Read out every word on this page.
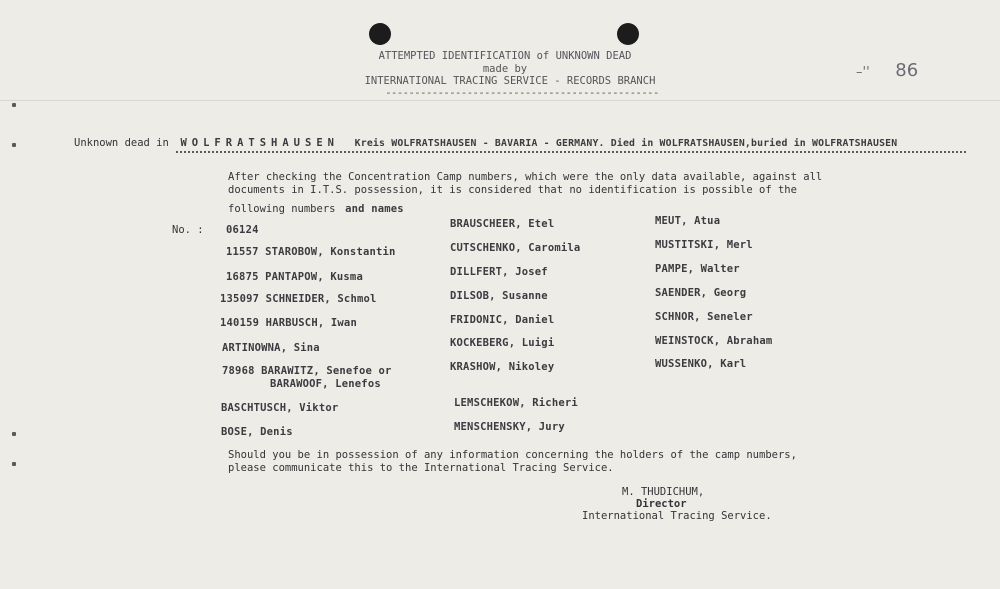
ATTEMPTED IDENTIFICATION of UNKNOWN DEAD
made by
INTERNATIONAL TRACING SERVICE - RECORDS BRANCH
-----------------------------------------------
–'' 86
Unknown dead in WOLFRATSHAUSEN Kreis WOLFRATSHAUSEN - BAVARIA - GERMANY. Died in WOLFRATSHAUSEN,buried in WOLFRATSHAUSEN
After checking the Concentration Camp numbers, which were the only data available, against all
documents in I.T.S. possession, it is considered that no identification is possible of the
following numbers and names
No. : 06124
11557 STAROBOW, Konstantin
16875 PANTAPOW, Kusma
135097 SCHNEIDER, Schmol
140159 HARBUSCH, Iwan
ARTINOWNA, Sina
78968 BARAWITZ, Senefoe or
BARAWOOF, Lenefos
BASCHTUSCH, Viktor
BOSE, Denis
BRAUSCHEER, Etel
CUTSCHENKO, Caromila
DILLFERT, Josef
DILSOB, Susanne
FRIDONIC, Daniel
KOCKEBERG, Luigi
KRASHOW, Nikoley
LEMSCHEKOW, Richeri
MENSCHENSKY, Jury
MEUT, Atua
MUSTITSKI, Merl
PAMPE, Walter
SAENDER, Georg
SCHNOR, Seneler
WEINSTOCK, Abraham
WUSSENKO, Karl
Should you be in possession of any information concerning the holders of the camp numbers,
please communicate this to the International Tracing Service.
M. THUDICHUM,
Director
International Tracing Service.
